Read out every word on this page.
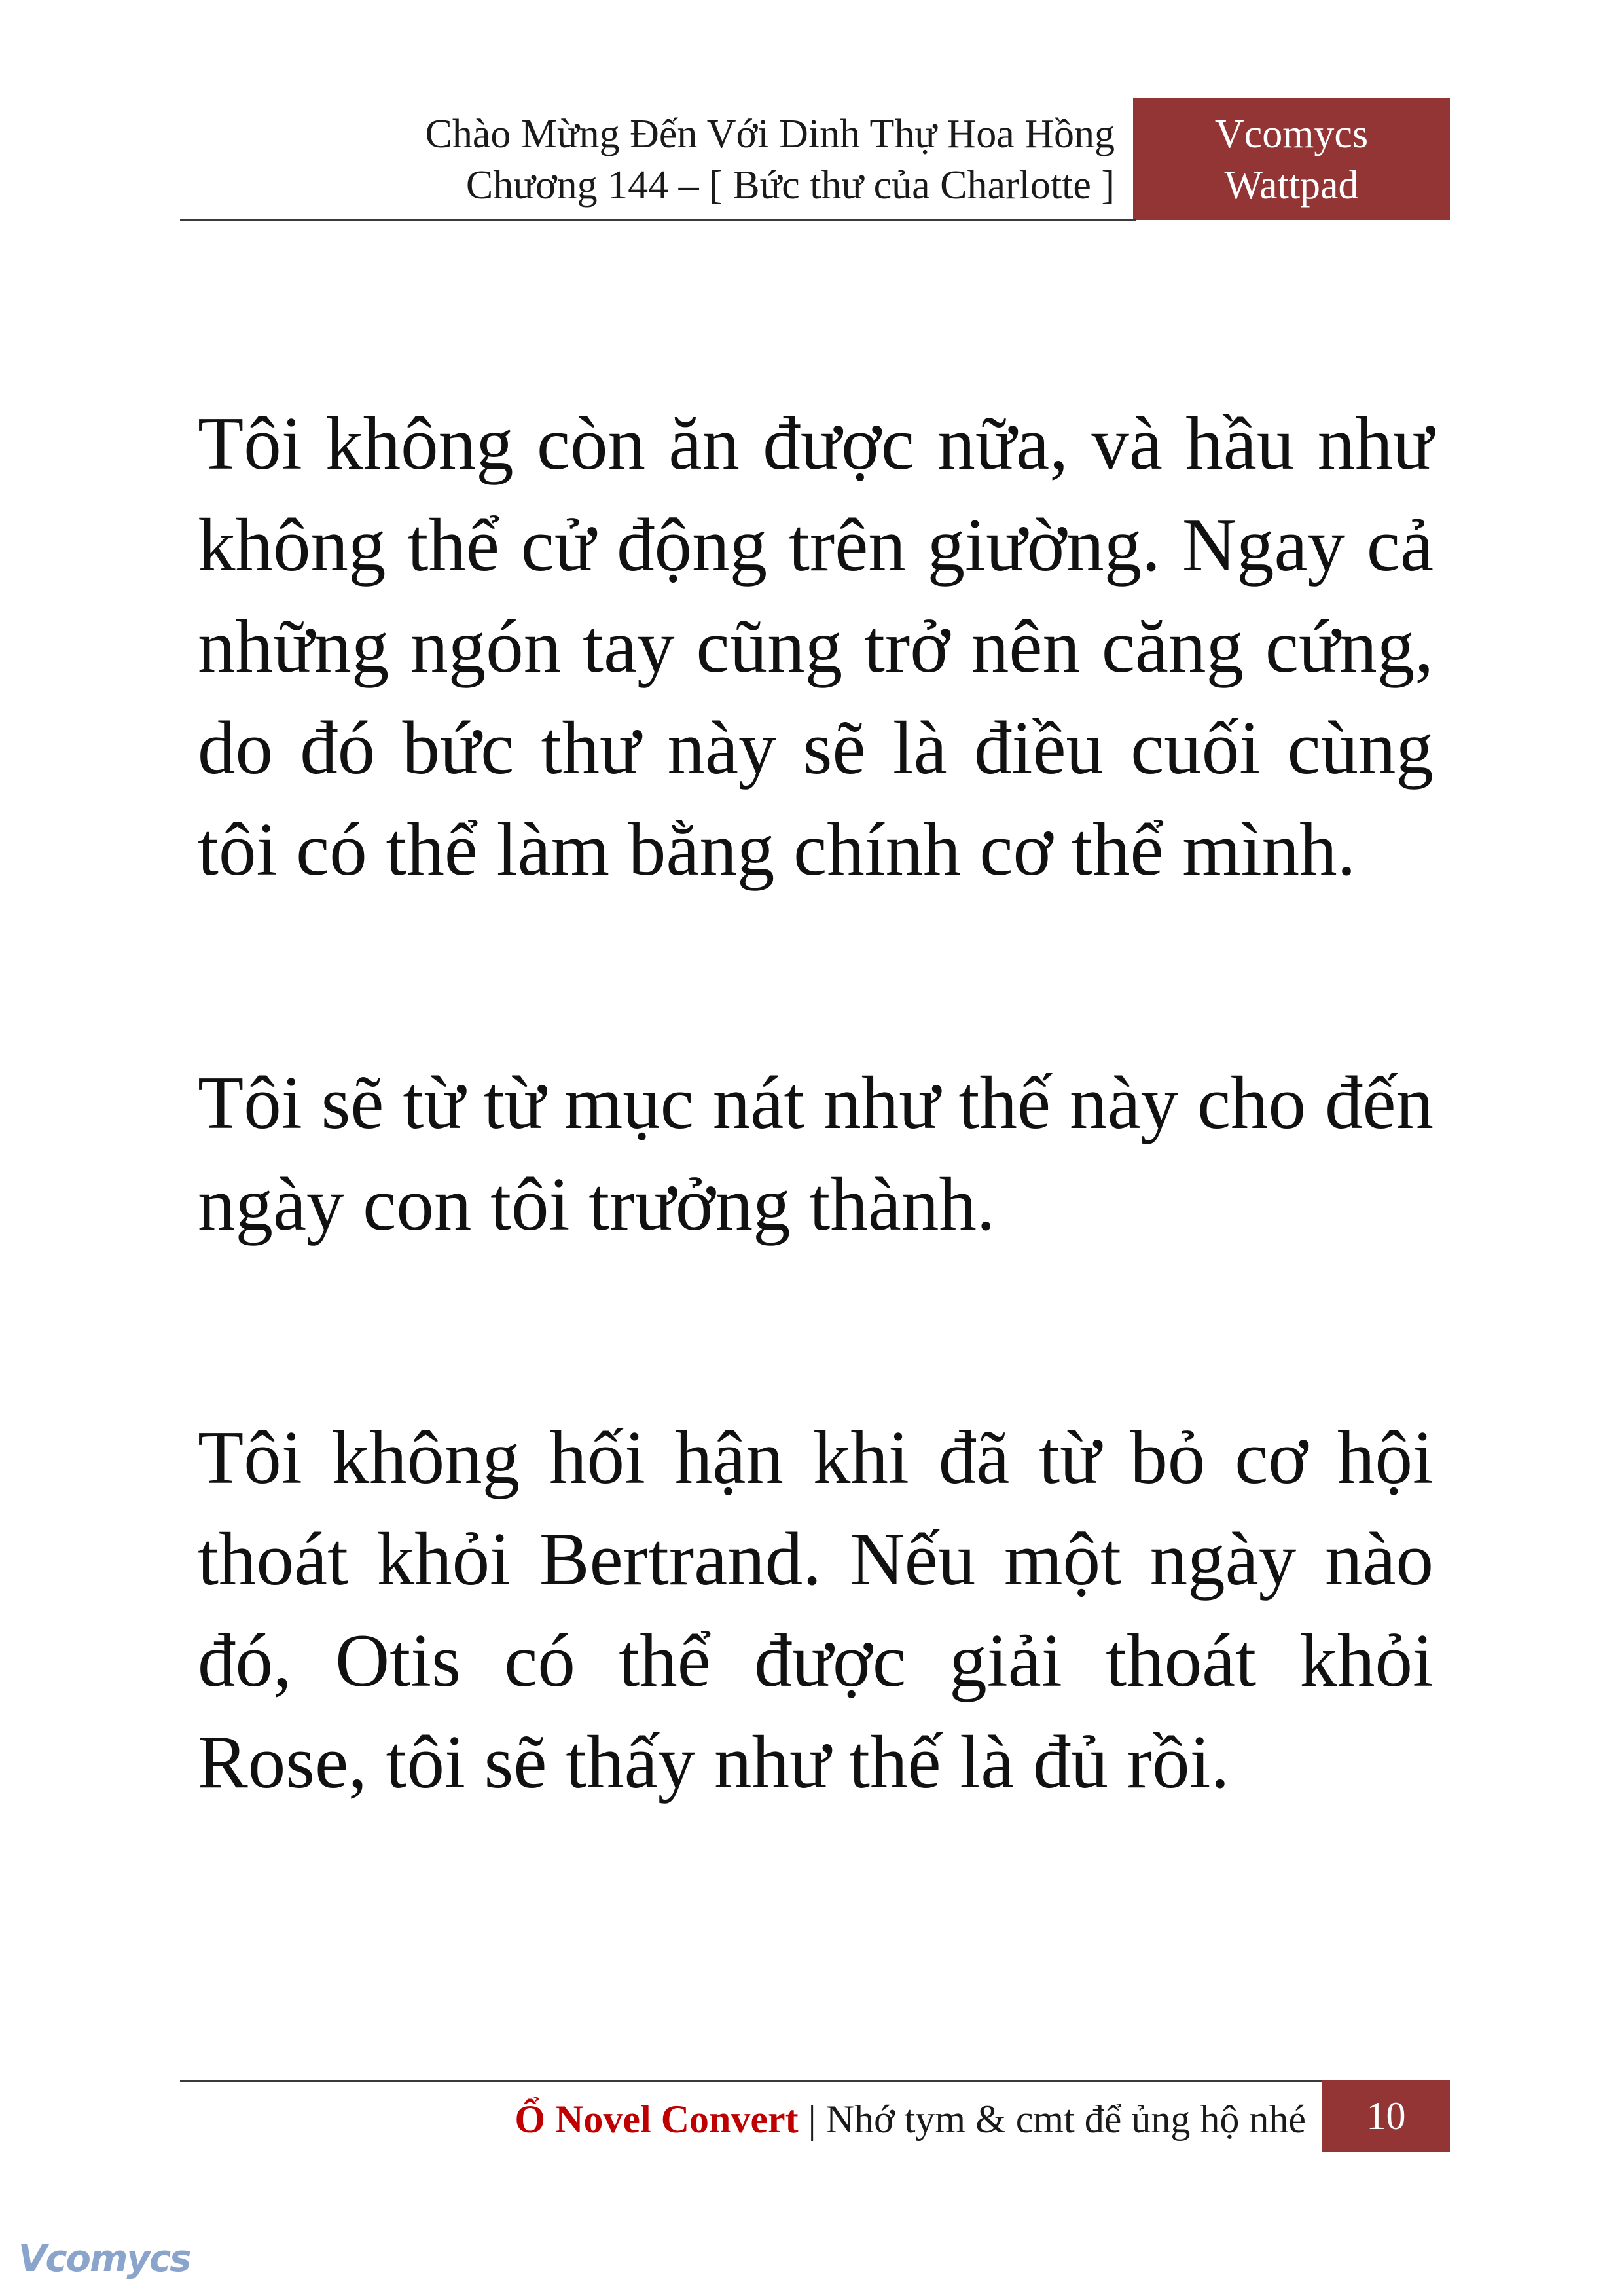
Chào Mừng Đến Với Dinh Thự Hoa Hồng
Chương 144 – [ Bức thư của Charlotte ]
Vcomycs
Wattpad

Tôi không còn ăn được nữa, và hầu như không thể cử động trên giường. Ngay cả những ngón tay cũng trở nên căng cứng, do đó bức thư này sẽ là điều cuối cùng tôi có thể làm bằng chính cơ thể mình.

Tôi sẽ từ từ mục nát như thế này cho đến ngày con tôi trưởng thành.

Tôi không hối hận khi đã từ bỏ cơ hội thoát khỏi Bertrand. Nếu một ngày nào đó, Otis có thể được giải thoát khỏi Rose, tôi sẽ thấy như thế là đủ rồi.

Ổ Novel Convert | Nhớ tym & cmt để ủng hộ nhé	10
Vcomycs
